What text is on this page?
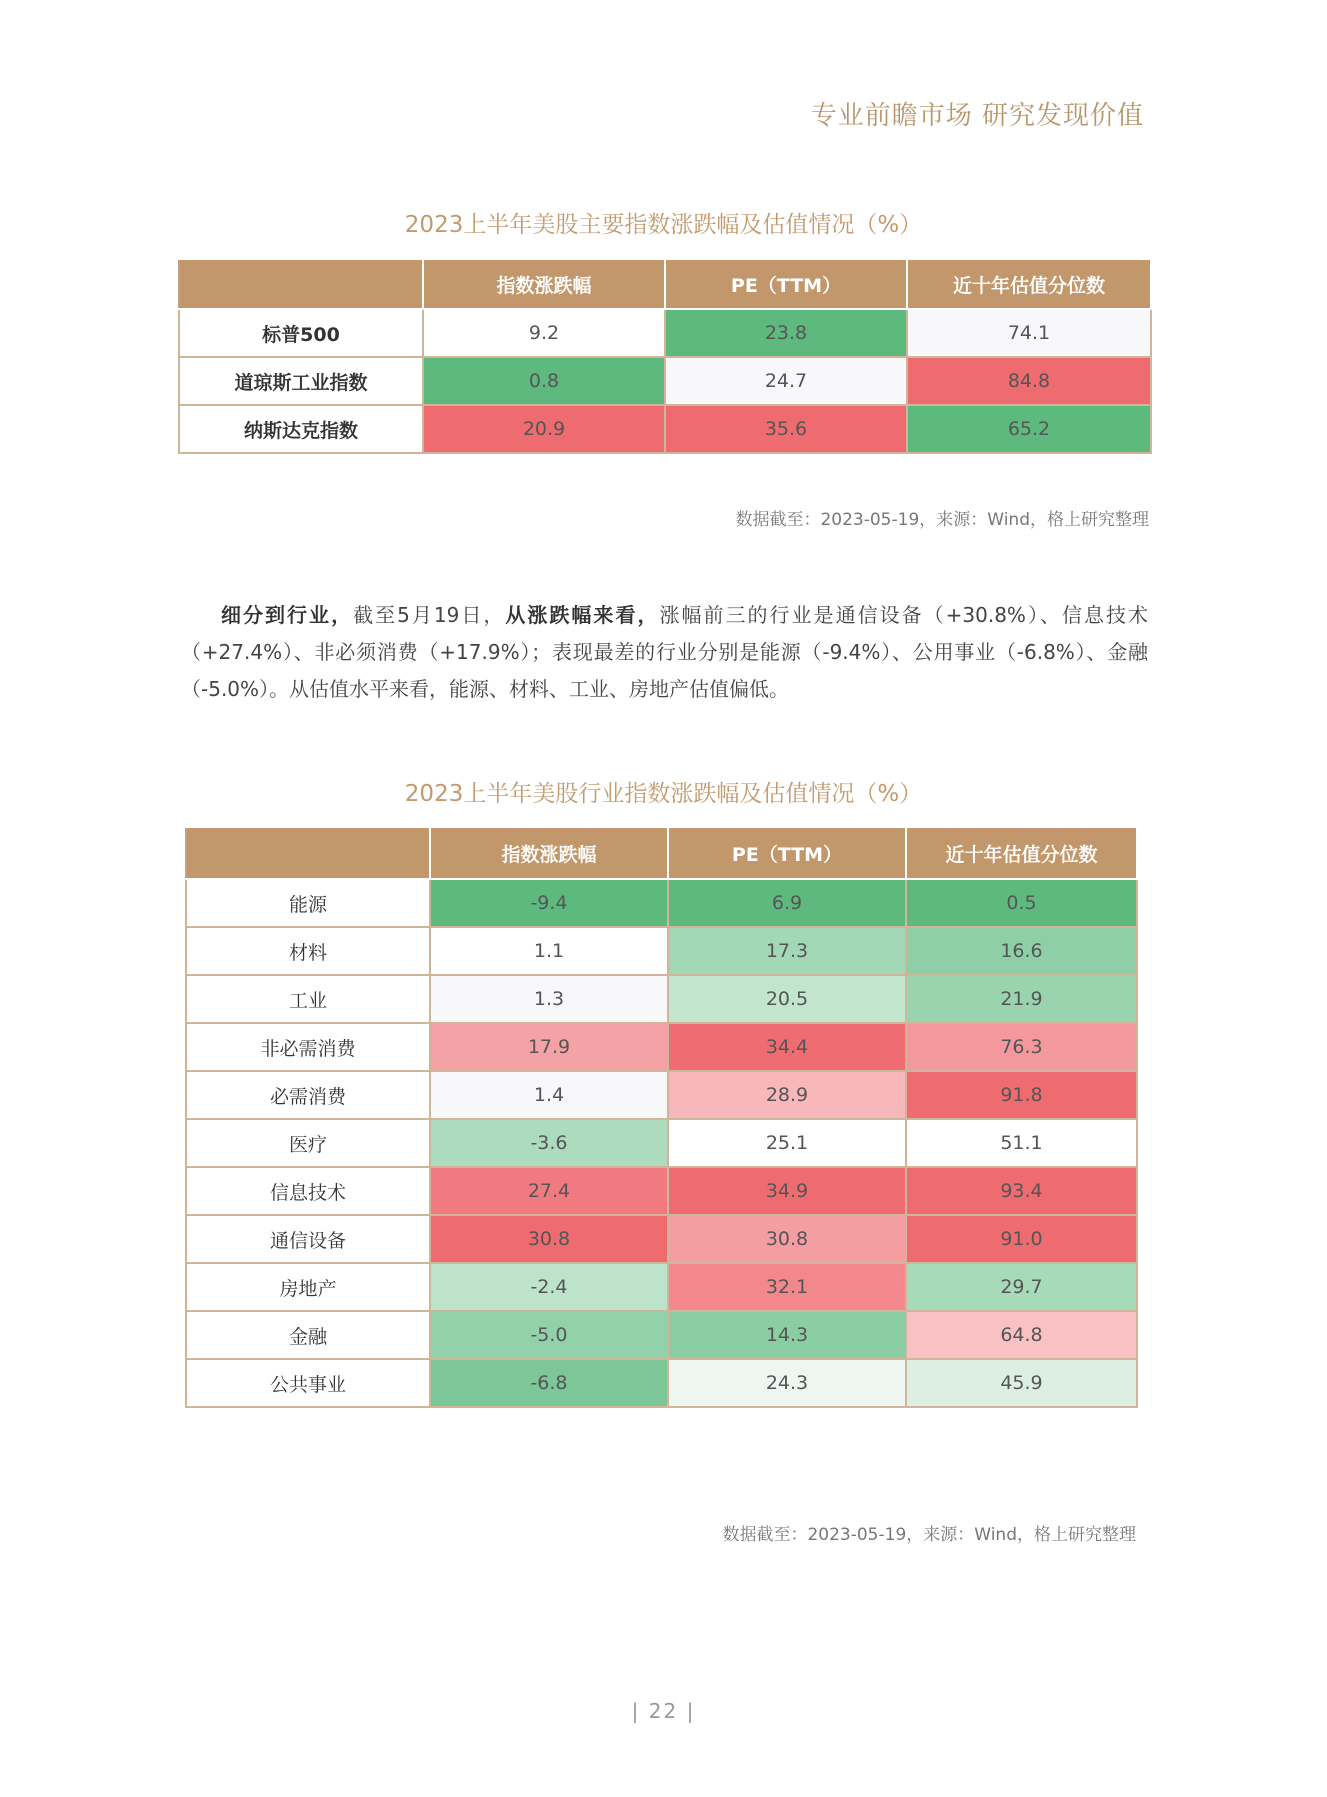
专业前瞻市场 研究发现价值
2023上半年美股主要指数涨跌幅及估值情况（%）
	指数涨跌幅	PE（TTM）	近十年估值分位数
标普500	9.2	23.8	74.1
道琼斯工业指数	0.8	24.7	84.8
纳斯达克指数	20.9	35.6	65.2
数据截至：2023-05-19，来源：Wind，格上研究整理

细分到行业，截至5月19日，从涨跌幅来看，涨幅前三的行业是通信设备（+30.8%）、信息技术（+27.4%）、非必须消费（+17.9%）；表现最差的行业分别是能源（-9.4%）、公用事业（-6.8%）、金融（-5.0%）。从估值水平来看，能源、材料、工业、房地产估值偏低。

2023上半年美股行业指数涨跌幅及估值情况（%）
	指数涨跌幅	PE（TTM）	近十年估值分位数
能源	-9.4	6.9	0.5
材料	1.1	17.3	16.6
工业	1.3	20.5	21.9
非必需消费	17.9	34.4	76.3
必需消费	1.4	28.9	91.8
医疗	-3.6	25.1	51.1
信息技术	27.4	34.9	93.4
通信设备	30.8	30.8	91.0
房地产	-2.4	32.1	29.7
金融	-5.0	14.3	64.8
公共事业	-6.8	24.3	45.9
数据截至：2023-05-19，来源：Wind，格上研究整理
| 22 |
